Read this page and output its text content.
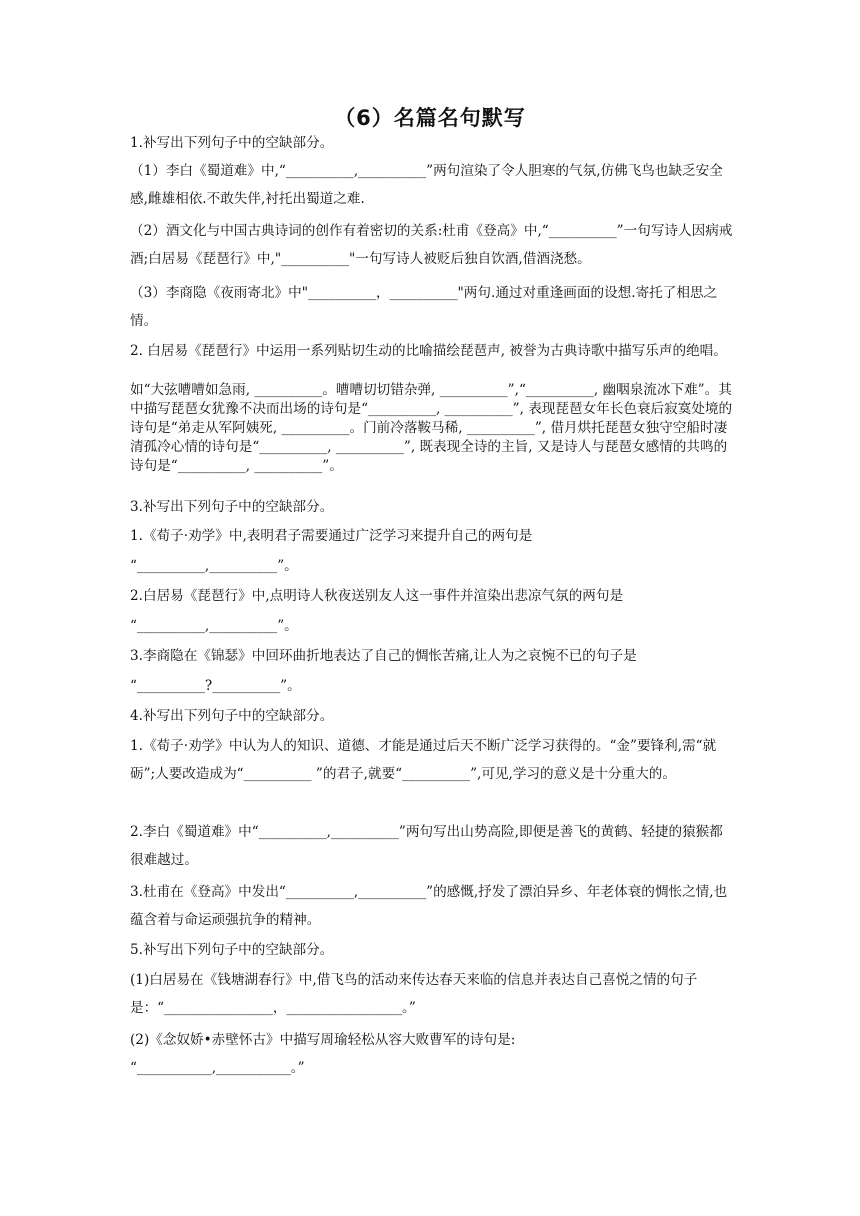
（6）名篇名句默写
1.补写出下列句子中的空缺部分。
（1）李白《蜀道难》中,“__________,__________”两句渲染了令人胆寒的气氛,仿佛飞鸟也缺乏安全感,雌雄相依.不敢失伴,衬托出蜀道之难.
（2）酒文化与中国古典诗词的创作有着密切的关系:杜甫《登高》中,“__________”一句写诗人因病戒酒;白居易《琵琶行》中,"__________"一句写诗人被贬后独自饮酒,借酒浇愁。
（3）李商隐《夜雨寄北》中"__________，__________"两句.通过对重逢画面的设想.寄托了相思之情。
2. 白居易《琵琶行》中运用一系列贴切生动的比喻描绘琵琶声, 被誉为古典诗歌中描写乐声的绝唱。
如“大弦嘈嘈如急雨, __________。嘈嘈切切错杂弹, __________”,“__________, 幽咽泉流冰下难”。其中描写琵琶女犹豫不决而出场的诗句是“__________, __________”, 表现琵琶女年长色衰后寂寞处境的诗句是“弟走从军阿姨死, __________。门前冷落鞍马稀, __________”, 借月烘托琵琶女独守空船时凄清孤冷心情的诗句是“__________, __________”, 既表现全诗的主旨, 又是诗人与琵琶女感情的共鸣的诗句是“__________, __________”。
3.补写出下列句子中的空缺部分。
1.《荀子·劝学》中,表明君子需要通过广泛学习来提升自己的两句是
“__________,__________”。
2.白居易《琵琶行》中,点明诗人秋夜送别友人这一事件并渲染出悲凉气氛的两句是
“__________,__________”。
3.李商隐在《锦瑟》中回环曲折地表达了自己的惆怅苦痛,让人为之哀惋不已的句子是
“__________?__________”。
4.补写出下列句子中的空缺部分。
1.《荀子·劝学》中认为人的知识、道德、才能是通过后天不断广泛学习获得的。“金”要锋利,需“就砺”;人要改造成为“__________ ”的君子,就要“__________”,可见,学习的意义是十分重大的。
2.李白《蜀道难》中“__________,__________”两句写出山势高险,即便是善飞的黄鹤、轻捷的猿猴都很难越过。
3.杜甫在《登高》中发出“__________,__________”的感慨,抒发了漂泊异乡、年老体衰的惆怅之情,也蕴含着与命运顽强抗争的精神。
5.补写出下列句子中的空缺部分。
(1)白居易在《钱塘湖春行》中,借飞鸟的活动来传达春天来临的信息并表达自己喜悦之情的句子是：“________________，_________________。”
(2)《念奴娇•赤壁怀古》中描写周瑜轻松从容大败曹军的诗句是:
“___________,___________。”
